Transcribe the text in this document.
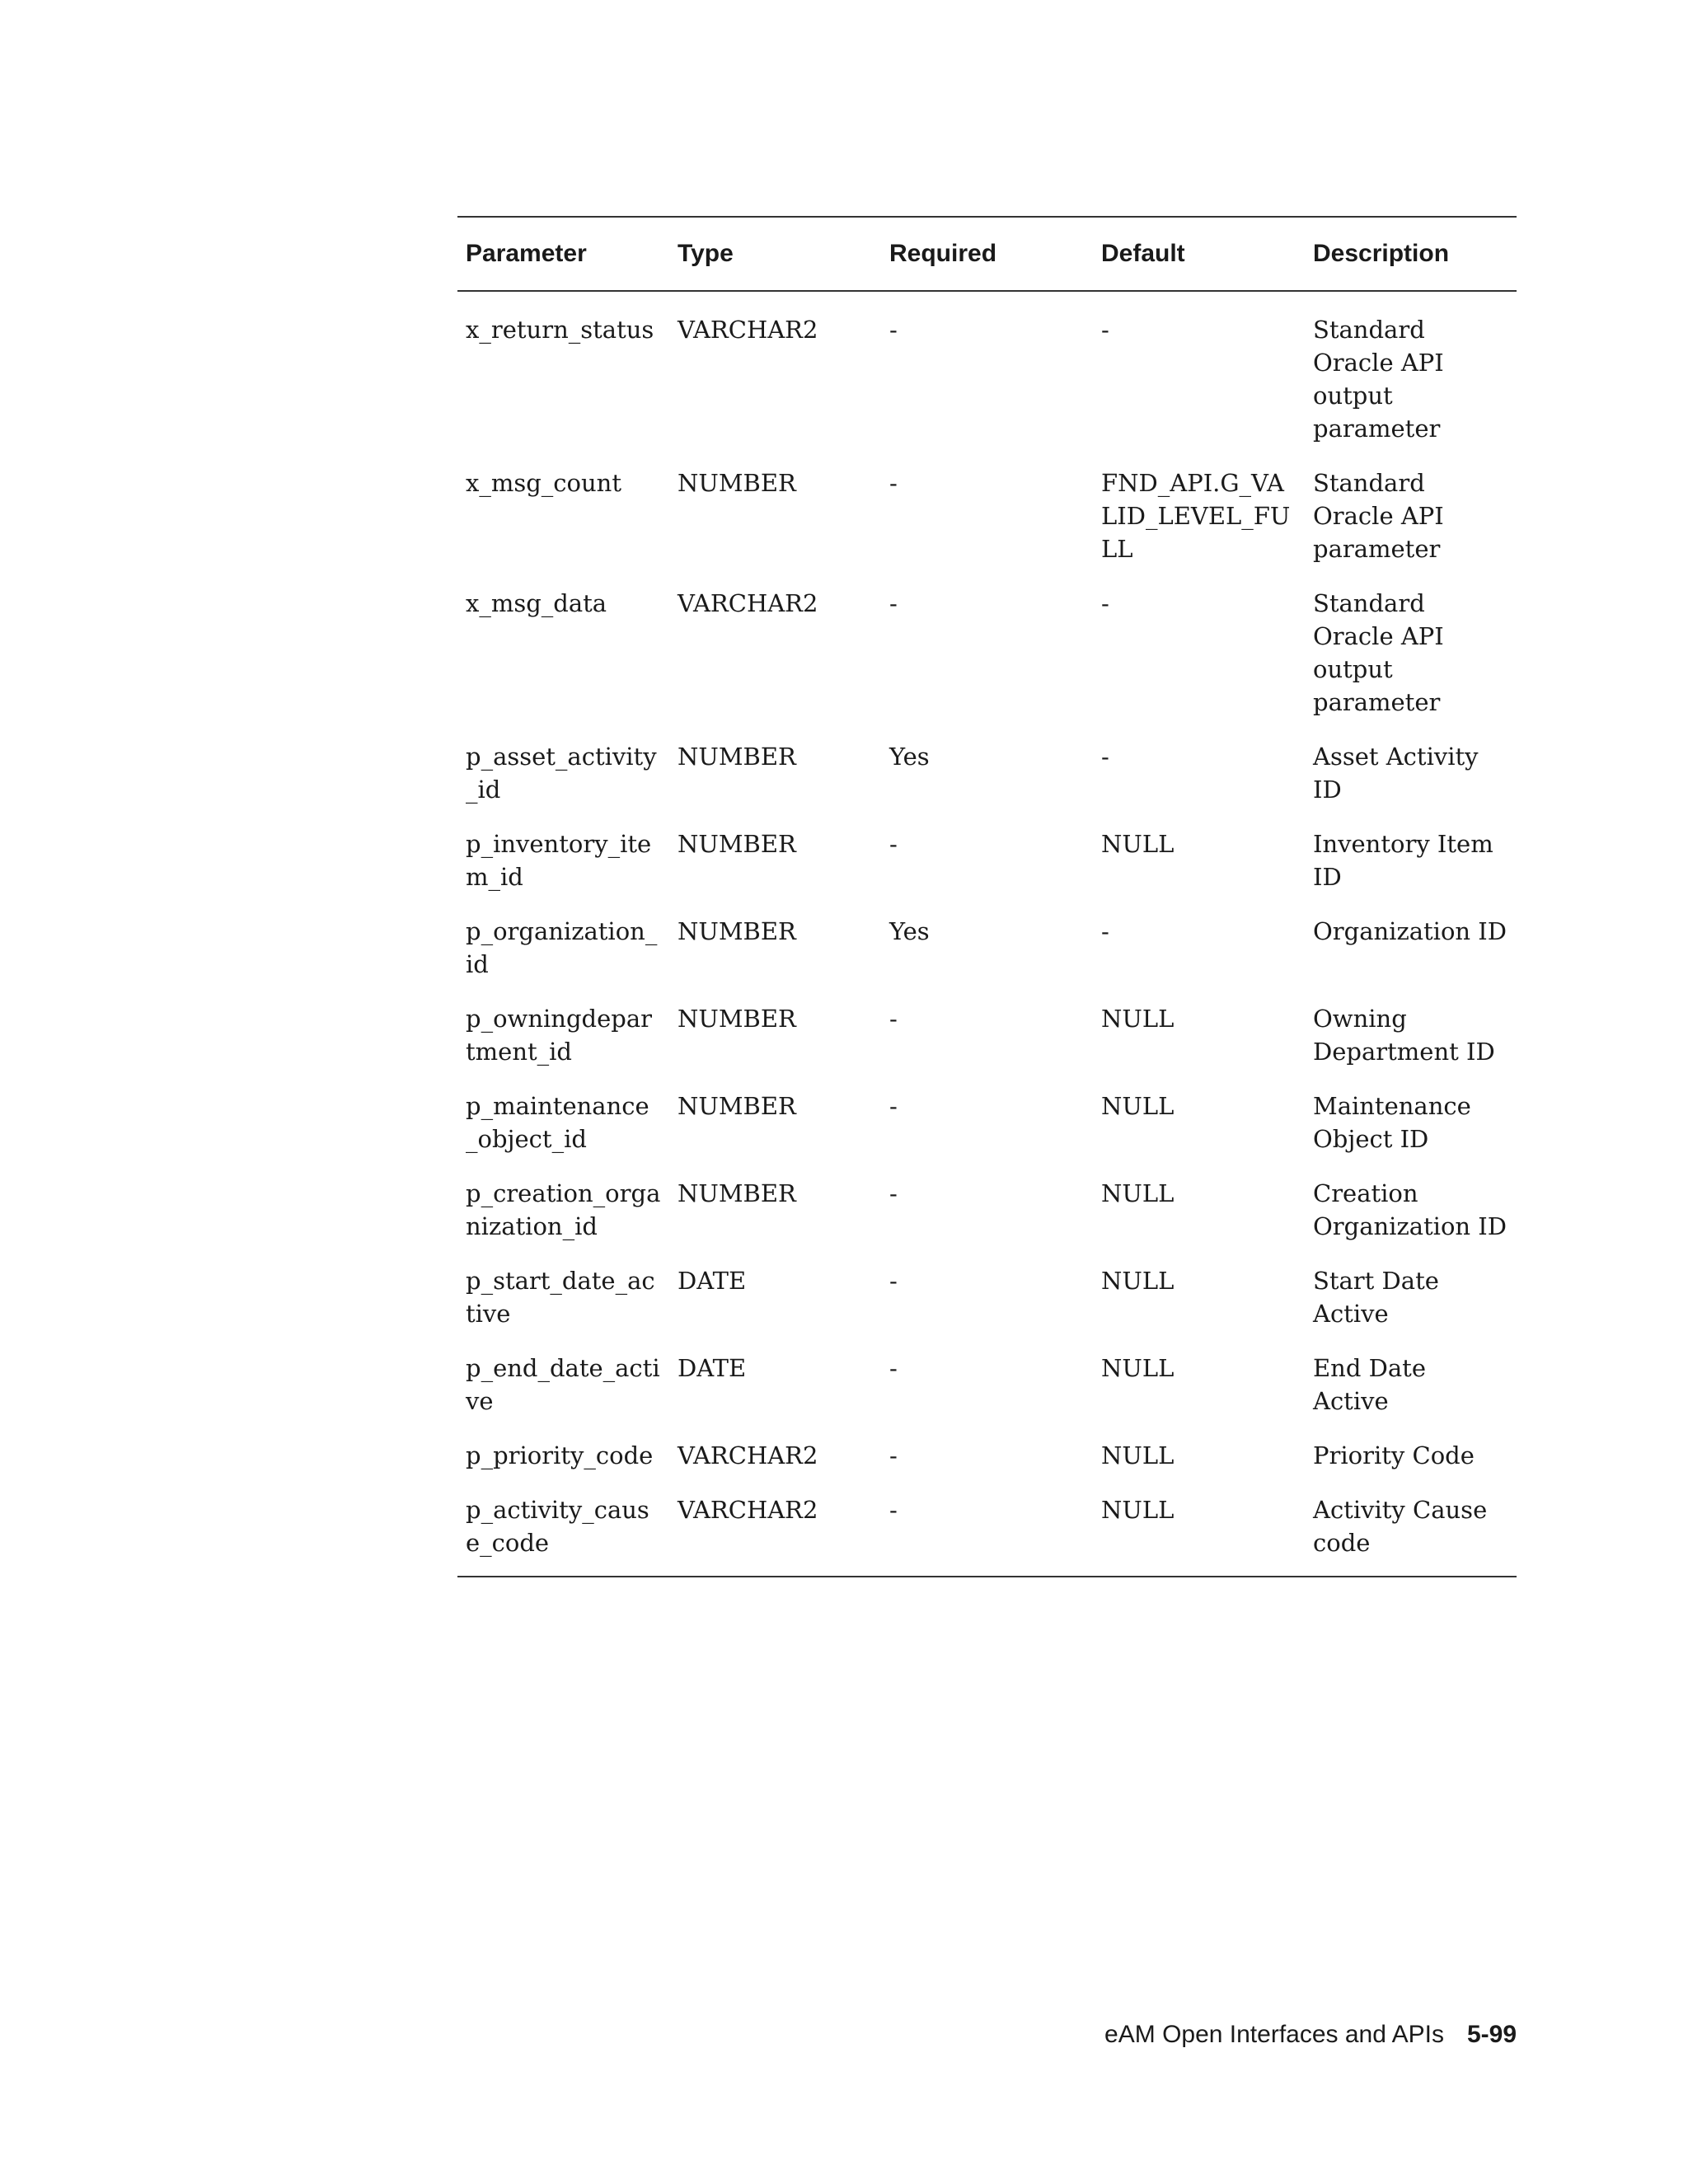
Parameter	Type	Required	Default	Description
x_return_status	VARCHAR2	-	-	Standard Oracle API output parameter
x_msg_count	NUMBER	-	FND_API.G_VALID_LEVEL_FULL	Standard Oracle API parameter
x_msg_data	VARCHAR2	-	-	Standard Oracle API output parameter
p_asset_activity_id	NUMBER	Yes	-	Asset Activity ID
p_inventory_item_id	NUMBER	-	NULL	Inventory Item ID
p_organization_id	NUMBER	Yes	-	Organization ID
p_owningdepartment_id	NUMBER	-	NULL	Owning Department ID
p_maintenance_object_id	NUMBER	-	NULL	Maintenance Object ID
p_creation_organization_id	NUMBER	-	NULL	Creation Organization ID
p_start_date_active	DATE	-	NULL	Start Date Active
p_end_date_active	DATE	-	NULL	End Date Active
p_priority_code	VARCHAR2	-	NULL	Priority Code
p_activity_cause_code	VARCHAR2	-	NULL	Activity Cause code
eAM Open Interfaces and APIs 5-99
